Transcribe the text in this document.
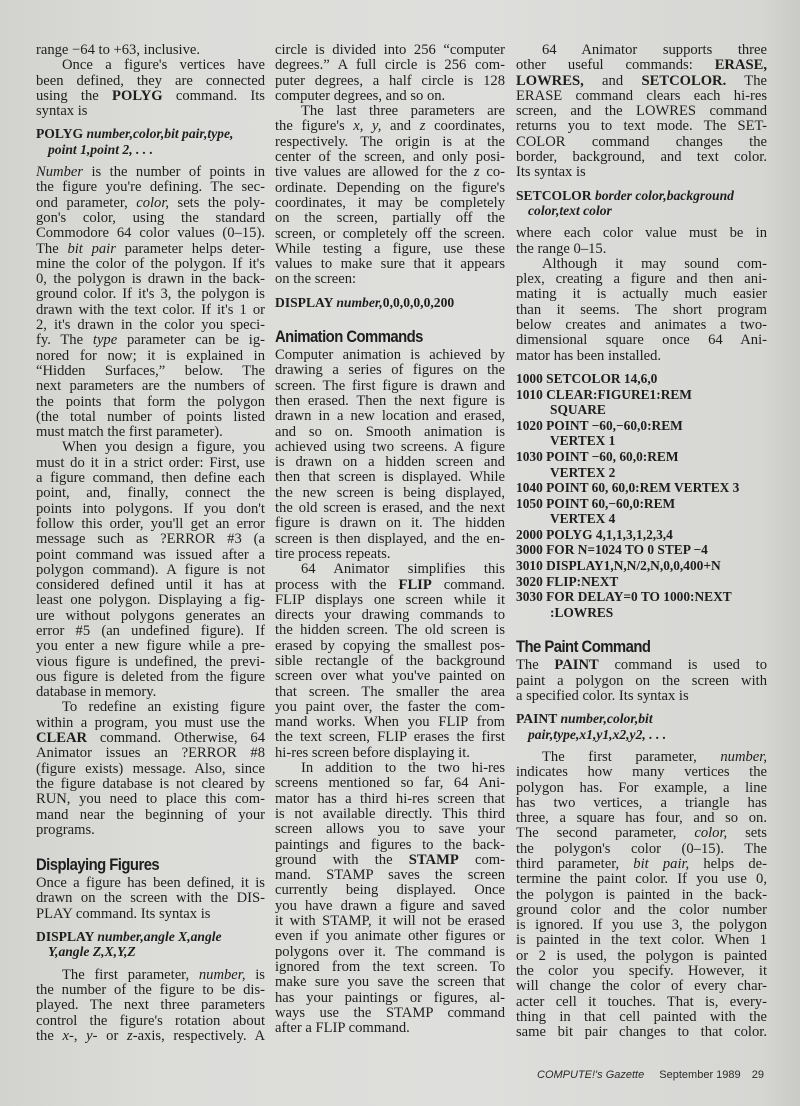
range −64 to +63, inclusive.
Once a figure's vertices have
been defined, they are connected
using the POLYG command. Its
syntax is
POLYG number,color,bit pair,type,
point 1,point 2, . . .
Number is the number of points in
the figure you're defining. The sec-
ond parameter, color, sets the poly-
gon's color, using the standard
Commodore 64 color values (0–15).
The bit pair parameter helps deter-
mine the color of the polygon. If it's
0, the polygon is drawn in the back-
ground color. If it's 3, the polygon is
drawn with the text color. If it's 1 or
2, it's drawn in the color you speci-
fy. The type parameter can be ig-
nored for now; it is explained in
“Hidden Surfaces,” below. The
next parameters are the numbers of
the points that form the polygon
(the total number of points listed
must match the first parameter).
When you design a figure, you
must do it in a strict order: First, use
a figure command, then define each
point, and, finally, connect the
points into polygons. If you don't
follow this order, you'll get an error
message such as ?ERROR #3 (a
point command was issued after a
polygon command). A figure is not
considered defined until it has at
least one polygon. Displaying a fig-
ure without polygons generates an
error #5 (an undefined figure). If
you enter a new figure while a pre-
vious figure is undefined, the previ-
ous figure is deleted from the figure
database in memory.
To redefine an existing figure
within a program, you must use the
CLEAR command. Otherwise, 64
Animator issues an ?ERROR #8
(figure exists) message. Also, since
the figure database is not cleared by
RUN, you need to place this com-
mand near the beginning of your
programs.
Displaying Figures
Once a figure has been defined, it is
drawn on the screen with the DIS-
PLAY command. Its syntax is
DISPLAY number,angle X,angle
Y,angle Z,X,Y,Z
The first parameter, number, is
the number of the figure to be dis-
played. The next three parameters
control the figure's rotation about
the x-, y- or z-axis, respectively. A
circle is divided into 256 “computer
degrees.” A full circle is 256 com-
puter degrees, a half circle is 128
computer degrees, and so on.
The last three parameters are
the figure's x, y, and z coordinates,
respectively. The origin is at the
center of the screen, and only posi-
tive values are allowed for the z co-
ordinate. Depending on the figure's
coordinates, it may be completely
on the screen, partially off the
screen, or completely off the screen.
While testing a figure, use these
values to make sure that it appears
on the screen:
DISPLAY number,0,0,0,0,0,200
Animation Commands
Computer animation is achieved by
drawing a series of figures on the
screen. The first figure is drawn and
then erased. Then the next figure is
drawn in a new location and erased,
and so on. Smooth animation is
achieved using two screens. A figure
is drawn on a hidden screen and
then that screen is displayed. While
the new screen is being displayed,
the old screen is erased, and the next
figure is drawn on it. The hidden
screen is then displayed, and the en-
tire process repeats.
64 Animator simplifies this
process with the FLIP command.
FLIP displays one screen while it
directs your drawing commands to
the hidden screen. The old screen is
erased by copying the smallest pos-
sible rectangle of the background
screen over what you've painted on
that screen. The smaller the area
you paint over, the faster the com-
mand works. When you FLIP from
the text screen, FLIP erases the first
hi-res screen before displaying it.
In addition to the two hi-res
screens mentioned so far, 64 Ani-
mator has a third hi-res screen that
is not available directly. This third
screen allows you to save your
paintings and figures to the back-
ground with the STAMP com-
mand. STAMP saves the screen
currently being displayed. Once
you have drawn a figure and saved
it with STAMP, it will not be erased
even if you animate other figures or
polygons over it. The command is
ignored from the text screen. To
make sure you save the screen that
has your paintings or figures, al-
ways use the STAMP command
after a FLIP command.
64 Animator supports three
other useful commands: ERASE,
LOWRES, and SETCOLOR. The
ERASE command clears each hi-res
screen, and the LOWRES command
returns you to text mode. The SET-
COLOR command changes the
border, background, and text color.
Its syntax is
SETCOLOR border color,background
color,text color
where each color value must be in
the range 0–15.
Although it may sound com-
plex, creating a figure and then ani-
mating it is actually much easier
than it seems. The short program
below creates and animates a two-
dimensional square once 64 Ani-
mator has been installed.
1000 SETCOLOR 14,6,0
1010 CLEAR:FIGURE1:REM
SQUARE
1020 POINT −60,−60,0:REM
VERTEX 1
1030 POINT −60, 60,0:REM
VERTEX 2
1040 POINT 60, 60,0:REM VERTEX 3
1050 POINT 60,−60,0:REM
VERTEX 4
2000 POLYG 4,1,1,3,1,2,3,4
3000 FOR N=1024 TO 0 STEP −4
3010 DISPLAY1,N,N/2,N,0,0,400+N
3020 FLIP:NEXT
3030 FOR DELAY=0 TO 1000:NEXT
:LOWRES
The Paint Command
The PAINT command is used to
paint a polygon on the screen with
a specified color. Its syntax is
PAINT number,color,bit
pair,type,x1,y1,x2,y2, . . .
The first parameter, number,
indicates how many vertices the
polygon has. For example, a line
has two vertices, a triangle has
three, a square has four, and so on.
The second parameter, color, sets
the polygon's color (0–15). The
third parameter, bit pair, helps de-
termine the paint color. If you use 0,
the polygon is painted in the back-
ground color and the color number
is ignored. If you use 3, the polygon
is painted in the text color. When 1
or 2 is used, the polygon is painted
the color you specify. However, it
will change the color of every char-
acter cell it touches. That is, every-
thing in that cell painted with the
same bit pair changes to that color.
COMPUTE!'s Gazette September 1989 29
